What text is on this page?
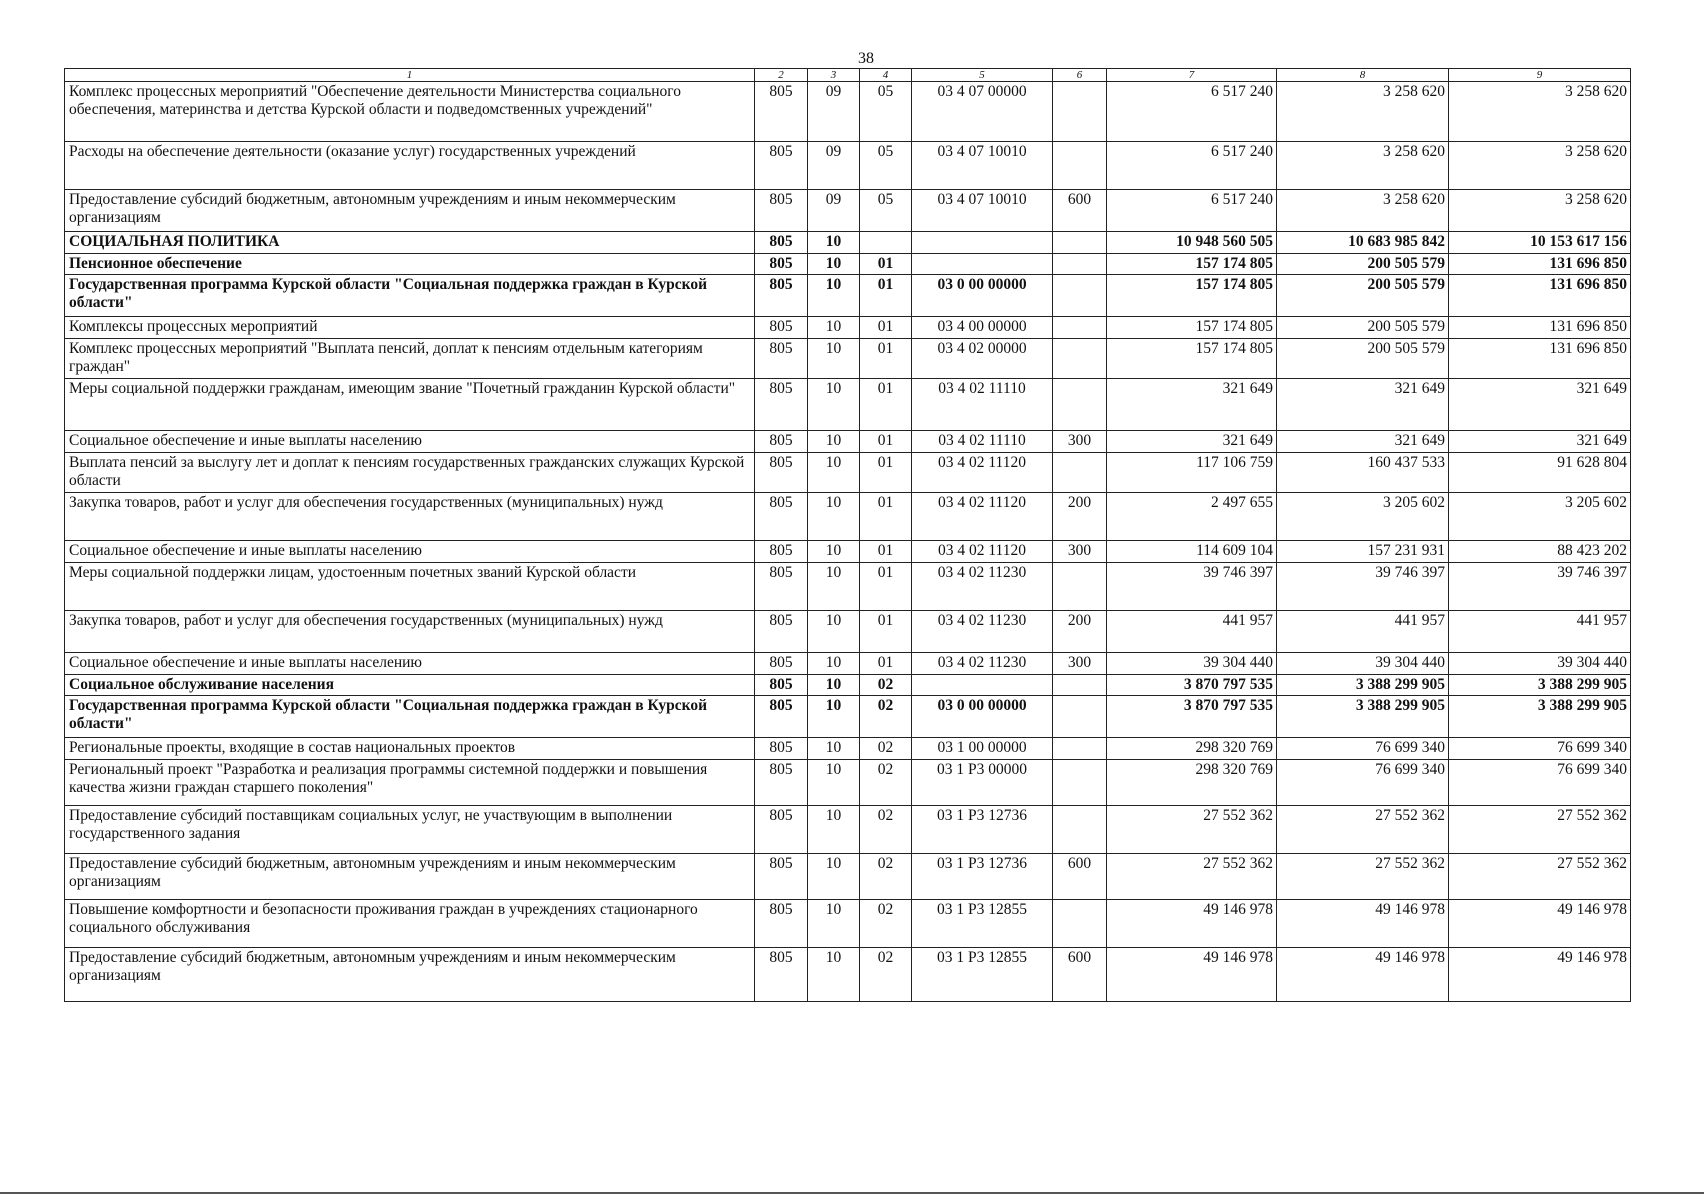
38
1	2	3	4	5	6	7	8	9
Комплекс процессных мероприятий "Обеспечение деятельности Министерства социального обеспечения, материнства и детства Курской области и подведомственных учреждений"	805	09	05	03 4 07 00000		6 517 240	3 258 620	3 258 620
Расходы на обеспечение деятельности (оказание услуг) государственных учреждений	805	09	05	03 4 07 10010		6 517 240	3 258 620	3 258 620
Предоставление субсидий бюджетным, автономным учреждениям и иным некоммерческим организациям	805	09	05	03 4 07 10010	600	6 517 240	3 258 620	3 258 620
СОЦИАЛЬНАЯ ПОЛИТИКА	805	10				10 948 560 505	10 683 985 842	10 153 617 156
Пенсионное обеспечение	805	10	01			157 174 805	200 505 579	131 696 850
Государственная программа Курской области "Социальная поддержка граждан в Курской области"	805	10	01	03 0 00 00000		157 174 805	200 505 579	131 696 850
Комплексы процессных мероприятий	805	10	01	03 4 00 00000		157 174 805	200 505 579	131 696 850
Комплекс процессных мероприятий "Выплата пенсий, доплат к пенсиям отдельным категориям граждан"	805	10	01	03 4 02 00000		157 174 805	200 505 579	131 696 850
Меры социальной поддержки гражданам, имеющим звание "Почетный гражданин Курской области"	805	10	01	03 4 02 11110		321 649	321 649	321 649
Социальное обеспечение и иные выплаты населению	805	10	01	03 4 02 11110	300	321 649	321 649	321 649
Выплата пенсий за выслугу лет и доплат к пенсиям государственных гражданских служащих Курской области	805	10	01	03 4 02 11120		117 106 759	160 437 533	91 628 804
Закупка товаров, работ и услуг для обеспечения государственных (муниципальных) нужд	805	10	01	03 4 02 11120	200	2 497 655	3 205 602	3 205 602
Социальное обеспечение и иные выплаты населению	805	10	01	03 4 02 11120	300	114 609 104	157 231 931	88 423 202
Меры социальной поддержки лицам, удостоенным почетных званий Курской области	805	10	01	03 4 02 11230		39 746 397	39 746 397	39 746 397
Закупка товаров, работ и услуг для обеспечения государственных (муниципальных) нужд	805	10	01	03 4 02 11230	200	441 957	441 957	441 957
Социальное обеспечение и иные выплаты населению	805	10	01	03 4 02 11230	300	39 304 440	39 304 440	39 304 440
Социальное обслуживание населения	805	10	02			3 870 797 535	3 388 299 905	3 388 299 905
Государственная программа Курской области "Социальная поддержка граждан в Курской области"	805	10	02	03 0 00 00000		3 870 797 535	3 388 299 905	3 388 299 905
Региональные проекты, входящие в состав национальных проектов	805	10	02	03 1 00 00000		298 320 769	76 699 340	76 699 340
Региональный проект "Разработка и реализация программы системной поддержки и повышения качества жизни граждан старшего поколения"	805	10	02	03 1 Р3 00000		298 320 769	76 699 340	76 699 340
Предоставление субсидий поставщикам социальных услуг, не участвующим в выполнении государственного задания	805	10	02	03 1 Р3 12736		27 552 362	27 552 362	27 552 362
Предоставление субсидий бюджетным, автономным учреждениям и иным некоммерческим организациям	805	10	02	03 1 Р3 12736	600	27 552 362	27 552 362	27 552 362
Повышение комфортности и безопасности проживания граждан в учреждениях стационарного социального обслуживания	805	10	02	03 1 Р3 12855		49 146 978	49 146 978	49 146 978
Предоставление субсидий бюджетным, автономным учреждениям и иным некоммерческим организациям	805	10	02	03 1 Р3 12855	600	49 146 978	49 146 978	49 146 978
